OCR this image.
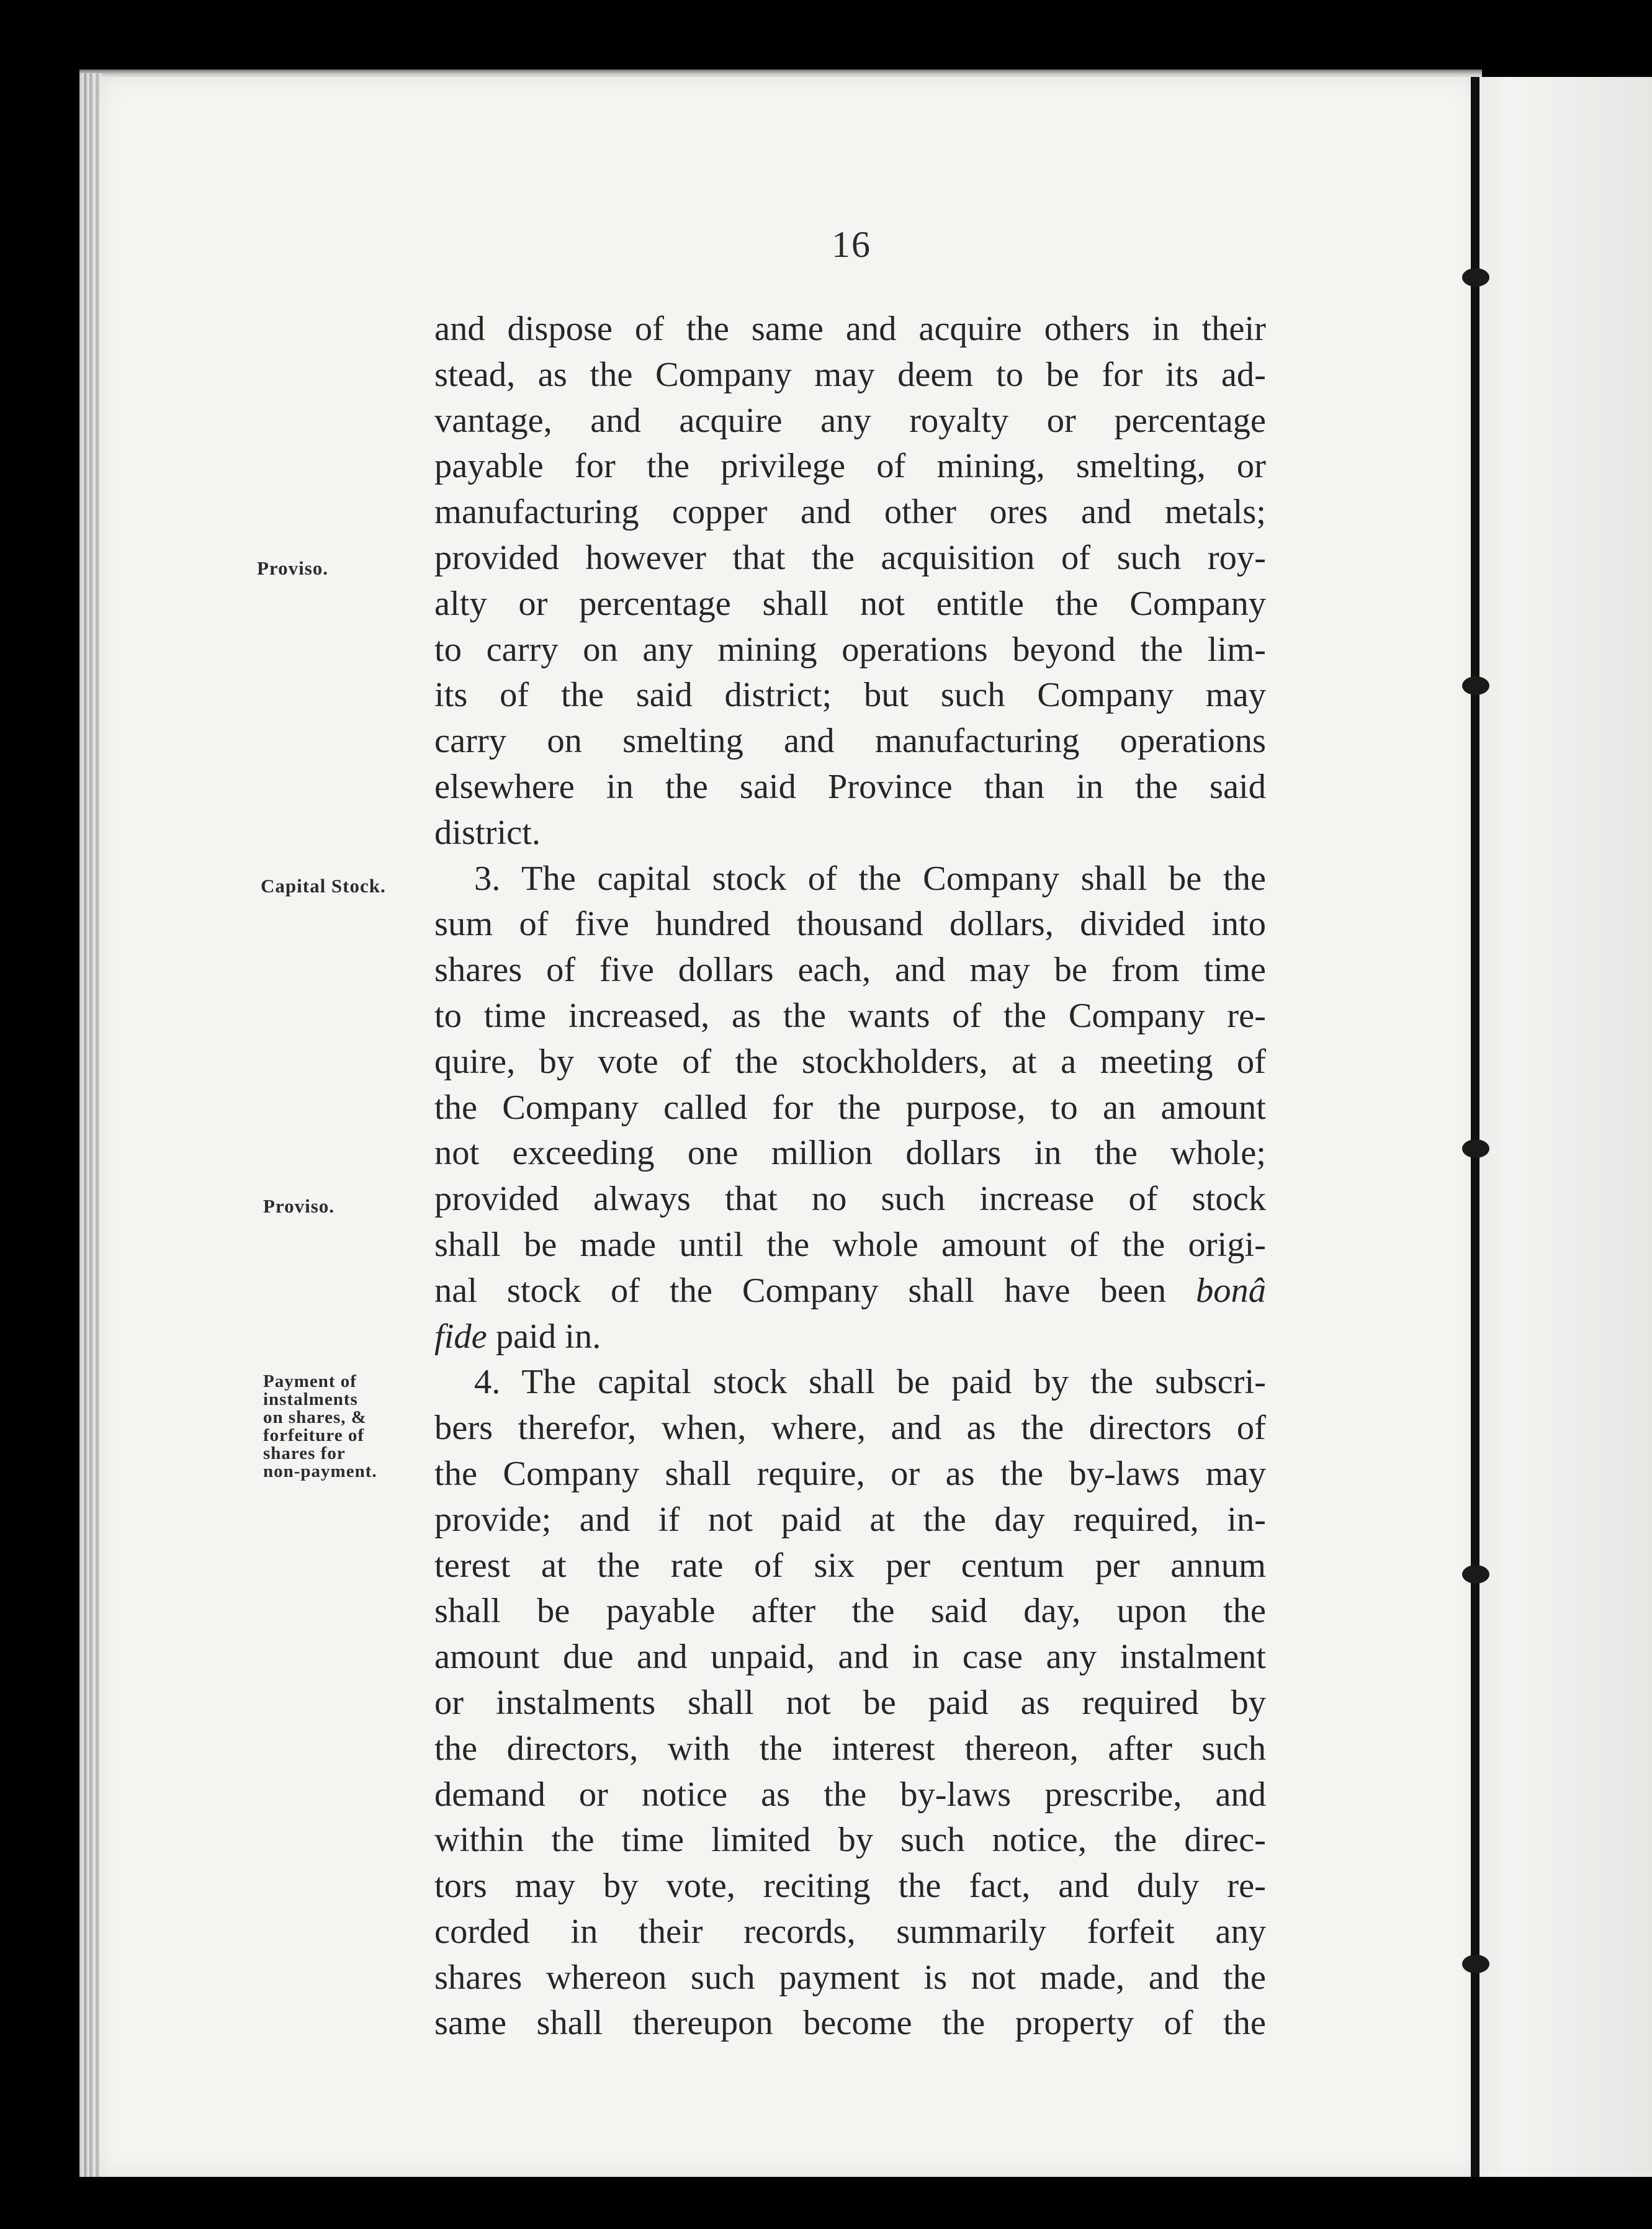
16
Proviso.
Capital Stock.
Proviso.
Payment of
instalments
on shares, &
forfeiture of
shares for
non-payment.
and dispose of the same and acquire others in their
stead, as the Company may deem to be for its ad-
vantage, and acquire any royalty or percentage
payable for the privilege of mining, smelting, or
manufacturing copper and other ores and metals;
provided however that the acquisition of such roy-
alty or percentage shall not entitle the Company
to carry on any mining operations beyond the lim-
its of the said district; but such Company may
carry on smelting and manufacturing operations
elsewhere in the said Province than in the said
district.
3. The capital stock of the Company shall be the
sum of five hundred thousand dollars, divided into
shares of five dollars each, and may be from time
to time increased, as the wants of the Company re-
quire, by vote of the stockholders, at a meeting of
the Company called for the purpose, to an amount
not exceeding one million dollars in the whole;
provided always that no such increase of stock
shall be made until the whole amount of the origi-
nal stock of the Company shall have been bonâ
fide paid in.
4. The capital stock shall be paid by the subscri-
bers therefor, when, where, and as the directors of
the Company shall require, or as the by-laws may
provide; and if not paid at the day required, in-
terest at the rate of six per centum per annum
shall be payable after the said day, upon the
amount due and unpaid, and in case any instalment
or instalments shall not be paid as required by
the directors, with the interest thereon, after such
demand or notice as the by-laws prescribe, and
within the time limited by such notice, the direc-
tors may by vote, reciting the fact, and duly re-
corded in their records, summarily forfeit any
shares whereon such payment is not made, and the
same shall thereupon become the property of the
